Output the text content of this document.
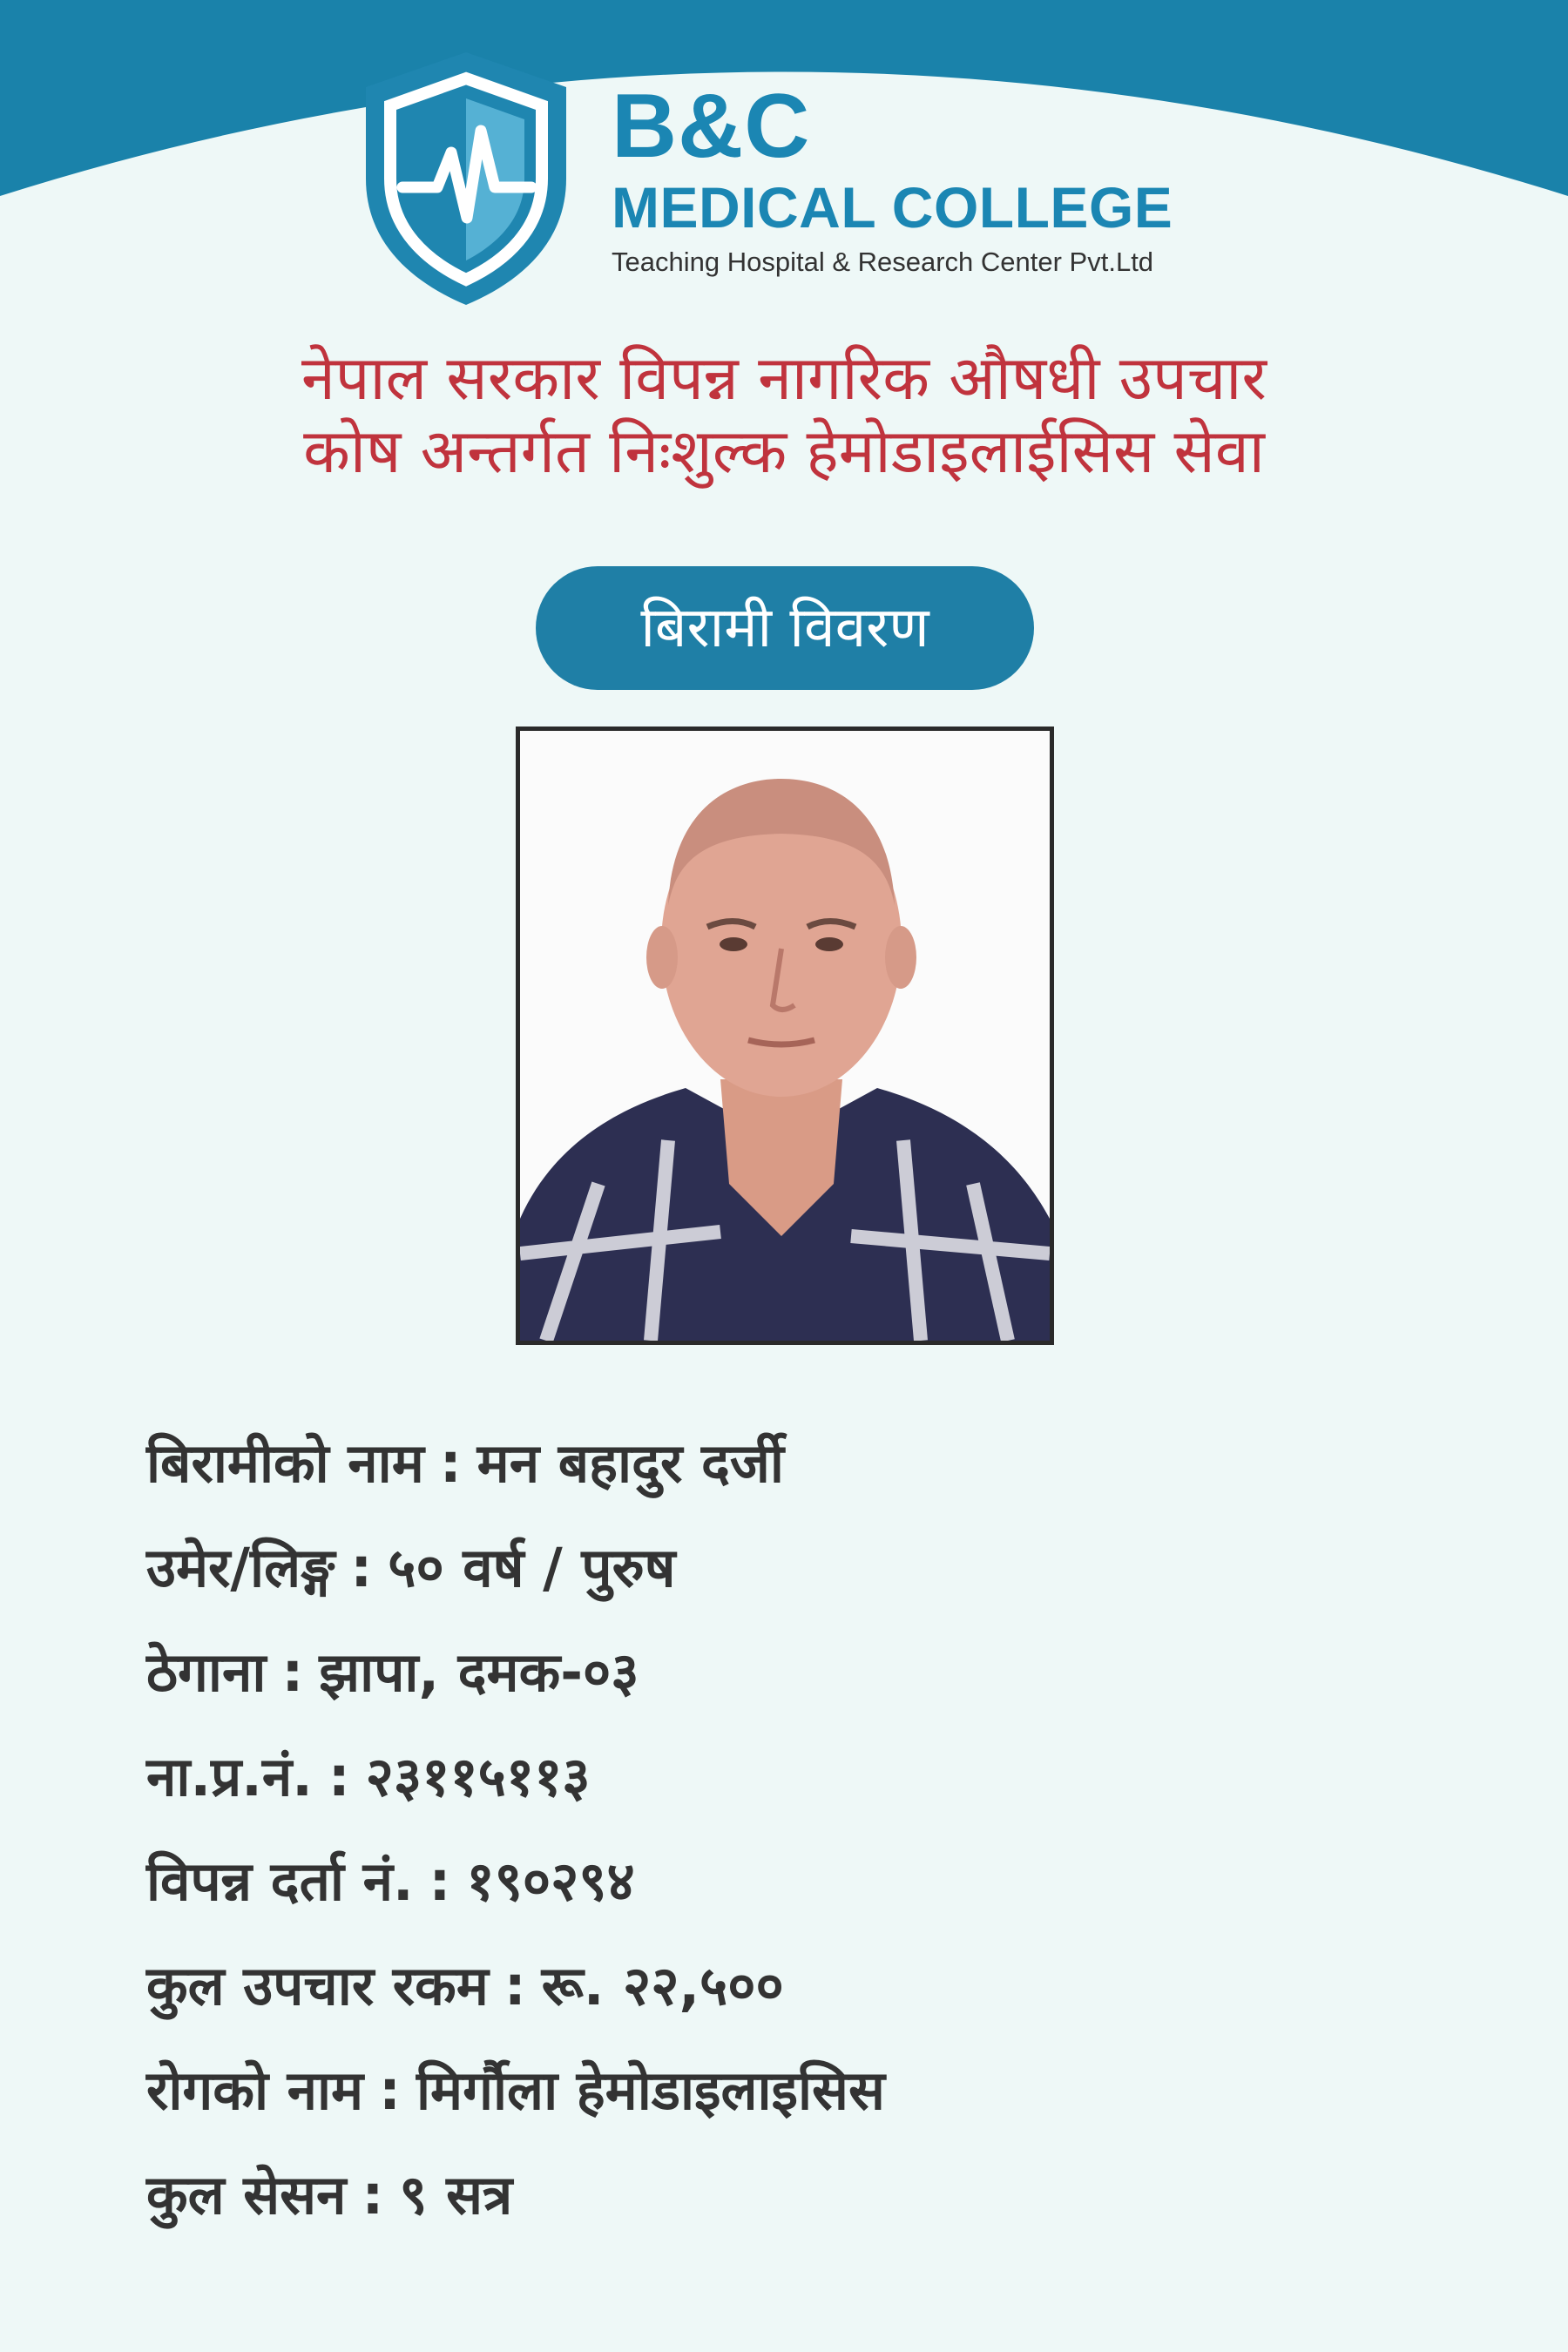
B&C
MEDICAL COLLEGE
Teaching Hospital & Research Center Pvt.Ltd
नेपाल सरकार विपन्न नागरिक औषधी उपचार
कोष अन्तर्गत निःशुल्क हेमोडाइलाईसिस सेवा
बिरामी विवरण
बिरामीको नाम : मन बहादुर दर्जी
उमेर/लिङ्ग : ५० वर्ष / पुरुष
ठेगाना : झापा, दमक-०३
ना.प्र.नं. : २३११५११३
विपन्न दर्ता नं. : १९०२९४
कुल उपचार रकम : रू. २२,५००
रोगको नाम : मिर्गौला हेमोडाइलाइसिस
कुल सेसन : ९ सत्र
